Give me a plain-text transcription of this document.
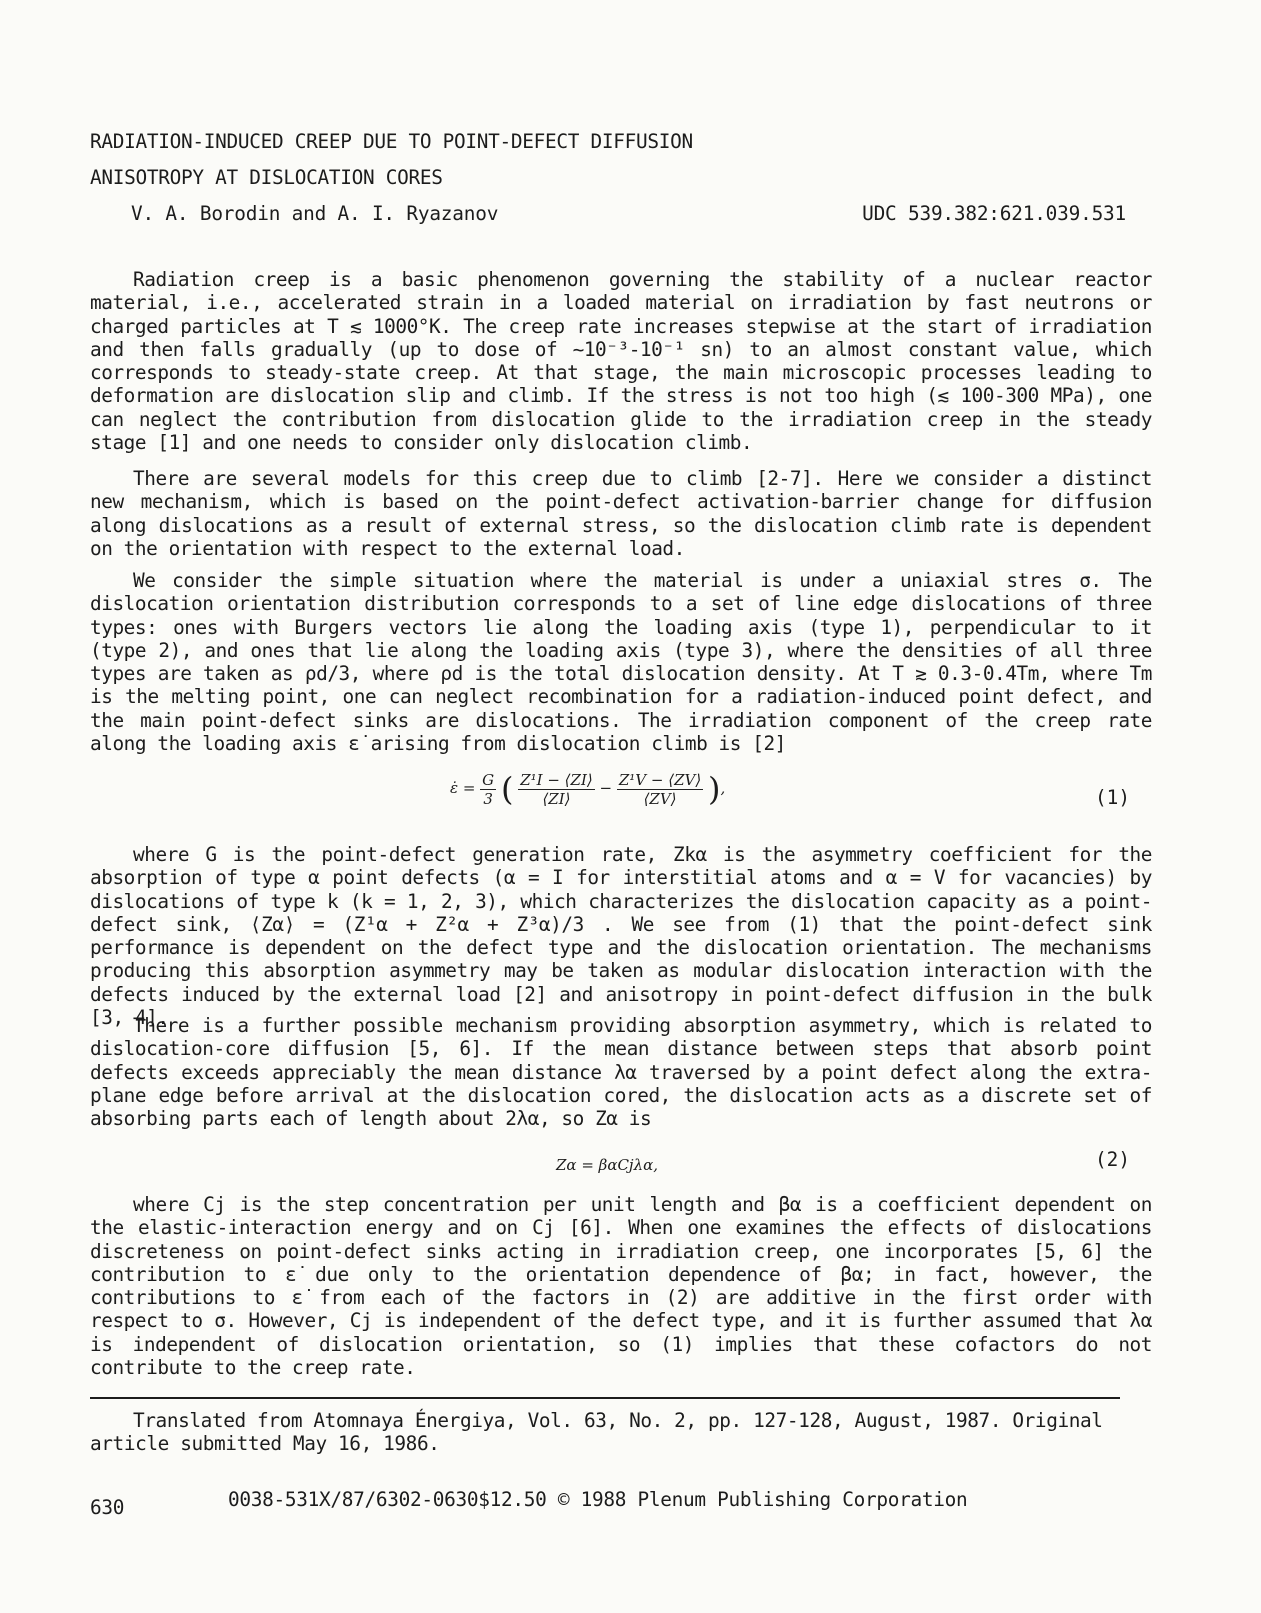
RADIATION-INDUCED CREEP DUE TO POINT-DEFECT DIFFUSION
ANISOTROPY AT DISLOCATION CORES
V. A. Borodin and A. I. Ryazanov	UDC 539.382:621.039.531

Radiation creep is a basic phenomenon governing the stability of a nuclear reactor material, i.e., accelerated strain in a loaded material on irradiation by fast neutrons or charged particles at T ≲ 1000°K. The creep rate increases stepwise at the start of irradiation and then falls gradually (up to dose of ~10⁻³-10⁻¹ sn) to an almost constant value, which corresponds to steady-state creep. At that stage, the main microscopic processes leading to deformation are dislocation slip and climb. If the stress is not too high (≲ 100-300 MPa), one can neglect the contribution from dislocation glide to the irradiation creep in the steady stage [1] and one needs to consider only dislocation climb.

There are several models for this creep due to climb [2-7]. Here we consider a distinct new mechanism, which is based on the point-defect activation-barrier change for diffusion along dislocations as a result of external stress, so the dislocation climb rate is dependent on the orientation with respect to the external load.

We consider the simple situation where the material is under a uniaxial stres σ. The dislocation orientation distribution corresponds to a set of line edge dislocations of three types: ones with Burgers vectors lie along the loading axis (type 1), perpendicular to it (type 2), and ones that lie along the loading axis (type 3), where the densities of all three types are taken as ρd/3, where ρd is the total dislocation density. At T ≳ 0.3-0.4Tm, where Tm is the melting point, one can neglect recombination for a radiation-induced point defect, and the main point-defect sinks are dislocations. The irradiation component of the creep rate along the loading axis ε̇ arising from dislocation climb is [2]

ε̇ = $\frac{G}{3}$ ( $\frac{\text{Z¹I − ⟨ZI⟩}}{⟨ZI⟩} - \frac{\text{Z¹V − ⟨ZV⟩}}{⟨ZV⟩}$ ),	(1)

where G is the point-defect generation rate, Zkα is the asymmetry coefficient for the absorption of type α point defects (α = I for interstitial atoms and α = V for vacancies) by dislocations of type k (k = 1, 2, 3), which characterizes the dislocation capacity as a point-defect sink, ⟨Zα⟩ = (Z¹α + Z²α + Z³α)/3 . We see from (1) that the point-defect sink performance is dependent on the defect type and the dislocation orientation. The mechanisms producing this absorption asymmetry may be taken as modular dislocation interaction with the defects induced by the external load [2] and anisotropy in point-defect diffusion in the bulk [3, 4].

There is a further possible mechanism providing absorption asymmetry, which is related to dislocation-core diffusion [5, 6]. If the mean distance between steps that absorb point defects exceeds appreciably the mean distance λα traversed by a point defect along the extra-plane edge before arrival at the dislocation cored, the dislocation acts as a discrete set of absorbing parts each of length about 2λα, so Zα is

Zα = βαCjλα,	(2)

where Cj is the step concentration per unit length and βα is a coefficient dependent on the elastic-interaction energy and on Cj [6]. When one examines the effects of dislocations discreteness on point-defect sinks acting in irradiation creep, one incorporates [5, 6] the contribution to ε̇ due only to the orientation dependence of βα; in fact, however, the contributions to ε̇ from each of the factors in (2) are additive in the first order with respect to σ. However, Cj is independent of the defect type, and it is further assumed that λα is independent of dislocation orientation, so (1) implies that these cofactors do not contribute to the creep rate.

Translated from Atomnaya Énergiya, Vol. 63, No. 2, pp. 127-128, August, 1987. Original article submitted May 16, 1986.

630	0038-531X/87/6302-0630$12.50 © 1988 Plenum Publishing Corporation
